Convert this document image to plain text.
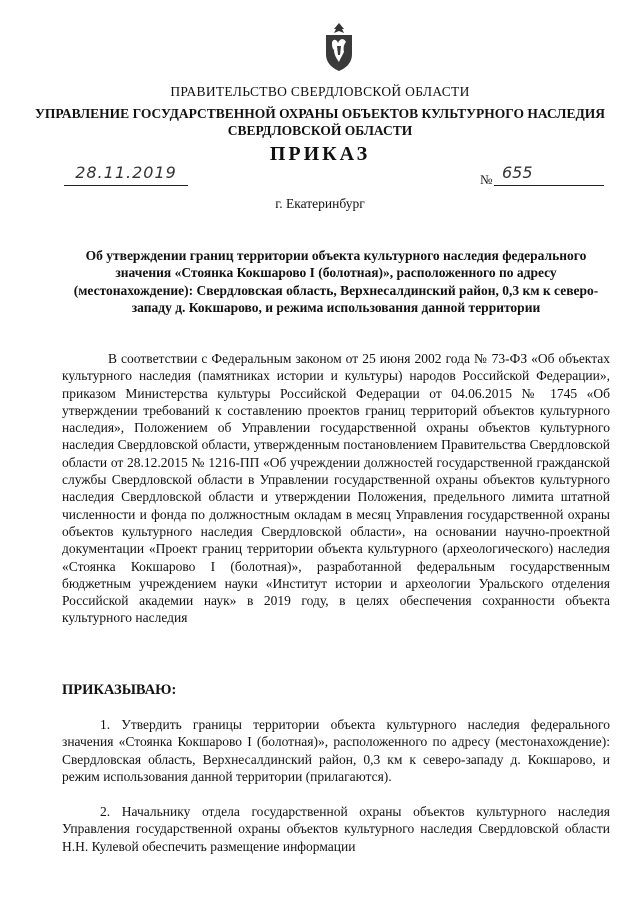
ПРАВИТЕЛЬСТВО СВЕРДЛОВСКОЙ ОБЛАСТИ
УПРАВЛЕНИЕ ГОСУДАРСТВЕННОЙ ОХРАНЫ ОБЪЕКТОВ КУЛЬТУРНОГО НАСЛЕДИЯ СВЕРДЛОВСКОЙ ОБЛАСТИ
ПРИКАЗ
28.11.2019	№ 655
г. Екатеринбург
Об утверждении границ территории объекта культурного наследия федерального значения «Стоянка Кокшарово I (болотная)», расположенного по адресу (местонахождение): Свердловская область, Верхнесалдинский район, 0,3 км к северо-западу д. Кокшарово, и режима использования данной территории
В соответствии с Федеральным законом от 25 июня 2002 года № 73-ФЗ «Об объектах культурного наследия (памятниках истории и культуры) народов Российской Федерации», приказом Министерства культуры Российской Федерации от 04.06.2015 № 1745 «Об утверждении требований к составлению проектов границ территорий объектов культурного наследия», Положением об Управлении государственной охраны объектов культурного наследия Свердловской области, утвержденным постановлением Правительства Свердловской области от 28.12.2015 № 1216-ПП «Об учреждении должностей государственной гражданской службы Свердловской области в Управлении государственной охраны объектов культурного наследия Свердловской области и утверждении Положения, предельного лимита штатной численности и фонда по должностным окладам в месяц Управления государственной охраны объектов культурного наследия Свердловской области», на основании научно-проектной документации «Проект границ территории объекта культурного (археологического) наследия «Стоянка Кокшарово I (болотная)», разработанной федеральным государственным бюджетным учреждением науки «Институт истории и археологии Уральского отделения Российской академии наук» в 2019 году, в целях обеспечения сохранности объекта культурного наследия
ПРИКАЗЫВАЮ:
1. Утвердить границы территории объекта культурного наследия федерального значения «Стоянка Кокшарово I (болотная)», расположенного по адресу (местонахождение): Свердловская область, Верхнесалдинский район, 0,3 км к северо-западу д. Кокшарово, и режим использования данной территории (прилагаются).
2. Начальнику отдела государственной охраны объектов культурного наследия Управления государственной охраны объектов культурного наследия Свердловской области Н.Н. Кулевой обеспечить размещение информации
